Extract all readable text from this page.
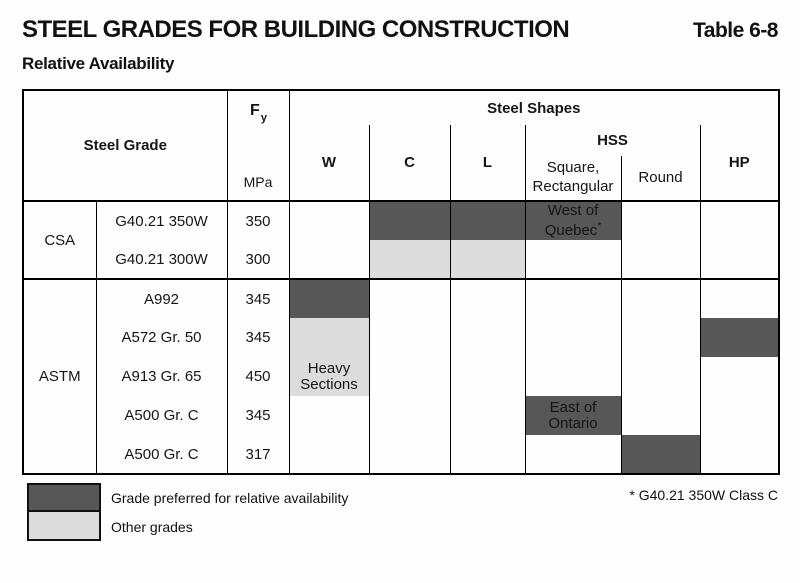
STEEL GRADES FOR BUILDING CONSTRUCTION	Table 6-8
Relative Availability
Steel Grade		$F_y$
MPa	Steel Shapes					
			W	C	L	HSS		HP
						Square, Rectangular	Round	
CSA	G40.21 350W	350				West of Quebec*		
	G40.21 300W	300						
ASTM	A992	345						
	A572 Gr. 50	345						
	A913 Gr. 65	450	Heavy Sections					
	A500 Gr. C	345				East of Ontario		
	A500 Gr. C	317						
Grade preferred for relative availability
Other grades
* G40.21 350W Class C
